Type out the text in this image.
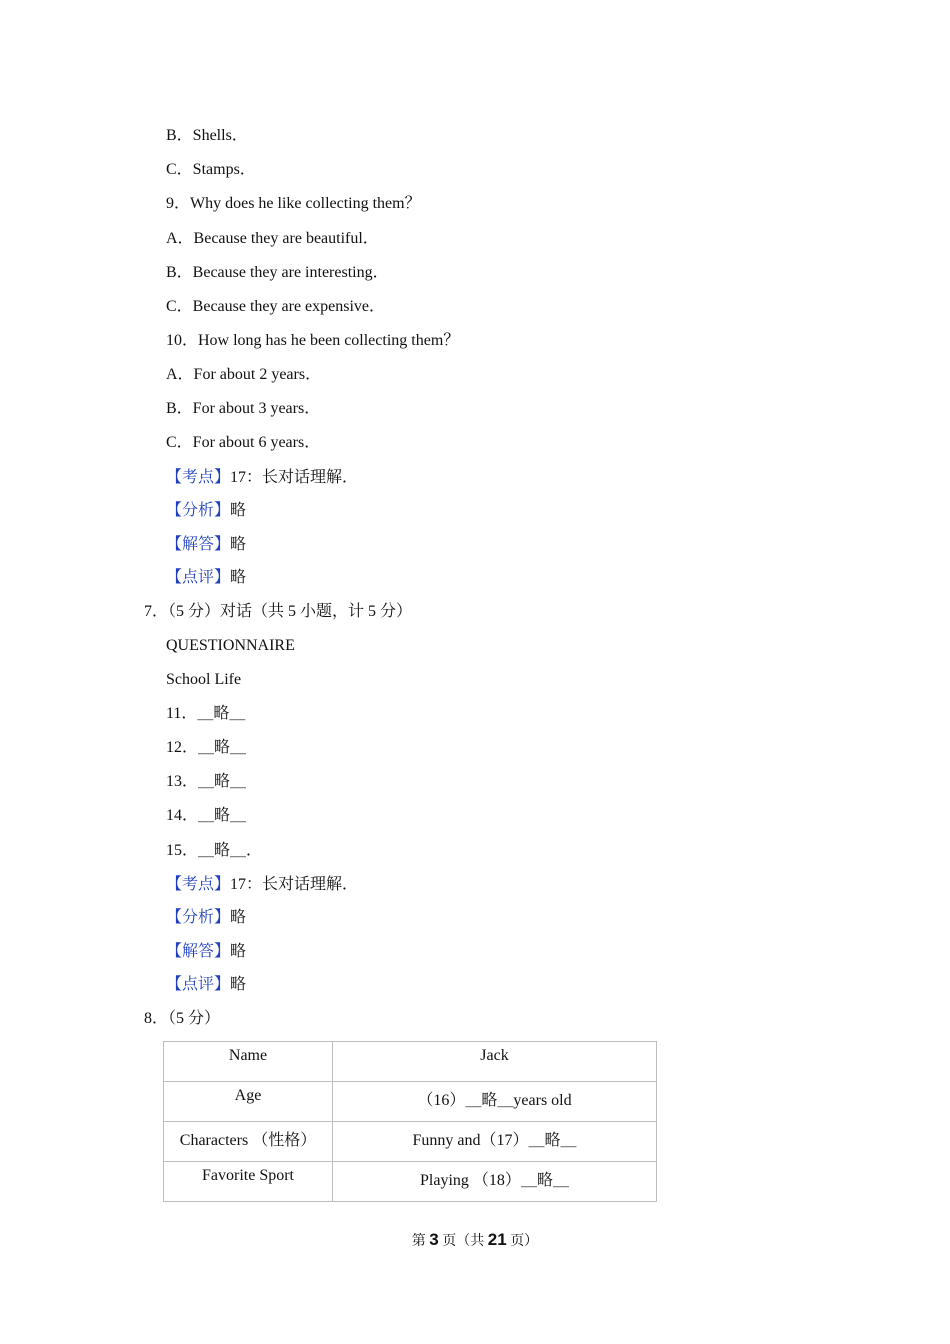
B．Shells．
C．Stamps．
9．Why does he like collecting them？
A．Because they are beautiful．
B．Because they are interesting．
C．Because they are expensive．
10．How long has he been collecting them？
A．For about 2 years．
B．For about 3 years．
C．For about 6 years．
【考点】17：长对话理解．
【分析】略
【解答】略
【点评】略
7．（5 分）对话（共 5 小题，计 5 分）
QUESTIONNAIRE
School Life
11．＿略＿
12．＿略＿
13．＿略＿
14．＿略＿
15．＿略＿．
【考点】17：长对话理解．
【分析】略
【解答】略
【点评】略
8．（5 分）
Name	Jack
Age	（16）＿略＿years old
Characters （性格）	Funny and（17）＿略＿
Favorite Sport	Playing （18）＿略＿
第 3 页（共 21 页）
